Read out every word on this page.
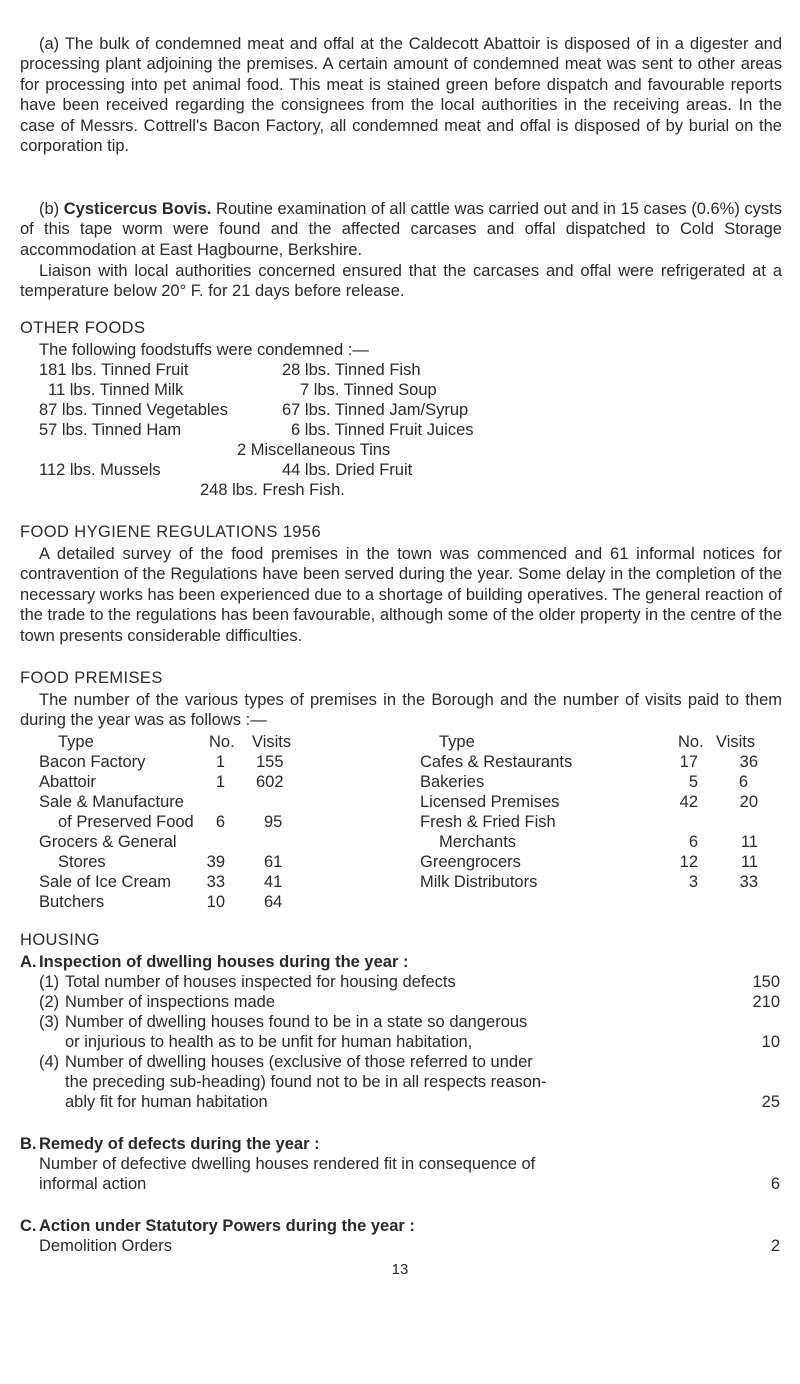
(a) The bulk of condemned meat and offal at the Caldecott Abattoir is disposed of in a digester and processing plant adjoining the premises. A certain amount of condemned meat was sent to other areas for processing into pet animal food. This meat is stained green before dispatch and favourable reports have been received regarding the consignees from the local authorities in the receiving areas. In the case of Messrs. Cottrell's Bacon Factory, all condemned meat and offal is disposed of by burial on the corporation tip.

(b) Cysticercus Bovis. Routine examination of all cattle was carried out and in 15 cases (0.6%) cysts of this tape worm were found and the affected carcases and offal dispatched to Cold Storage accommodation at East Hagbourne, Berkshire.

Liaison with local authorities concerned ensured that the carcases and offal were refrigerated at a temperature below 20° F. for 21 days before release.

OTHER FOODS
The following foodstuffs were condemned :—
181 lbs. Tinned Fruit	28 lbs. Tinned Fish
11 lbs. Tinned Milk	7 lbs. Tinned Soup
87 lbs. Tinned Vegetables	67 lbs. Tinned Jam/Syrup
57 lbs. Tinned Ham	6 lbs. Tinned Fruit Juices
2 Miscellaneous Tins
112 lbs. Mussels	44 lbs. Dried Fruit
248 lbs. Fresh Fish.
FOOD HYGIENE REGULATIONS 1956

A detailed survey of the food premises in the town was commenced and 61 informal notices for contravention of the Regulations have been served during the year. Some delay in the completion of the necessary works has been experienced due to a shortage of building operatives. The general reaction of the trade to the regulations has been favourable, although some of the older property in the centre of the town presents considerable difficulties.

FOOD PREMISES

The number of the various types of premises in the Borough and the number of visits paid to them during the year was as follows :—

Type	No. Visits	Type	No. Visits
Bacon Factory	1 155
Abattoir	1 602
Sale & Manufacture
of Preserved Food	6 95
Grocers & General
Stores	39 61
Sale of Ice Cream	33 41
Butchers	10 64
Cafes & Restaurants	17	36
Bakeries	5	6
Licensed Premises	42	20
Fresh & Fried Fish
Merchants	6	11
Greengrocers	12	11
Milk Distributors	3	33
HOUSING
A. Inspection of dwelling houses during the year :
(1) Total number of houses inspected for housing defects	150
(2) Number of inspections made	210
(3) Number of dwelling houses found to be in a state so dangerous
or injurious to health as to be unfit for human habitation,	10
(4) Number of dwelling houses (exclusive of those referred to under
the preceding sub-heading) found not to be in all respects reason-
ably fit for human habitation	25
B. Remedy of defects during the year :
Number of defective dwelling houses rendered fit in consequence of
informal action	6
C. Action under Statutory Powers during the year :
Demolition Orders	2
13
